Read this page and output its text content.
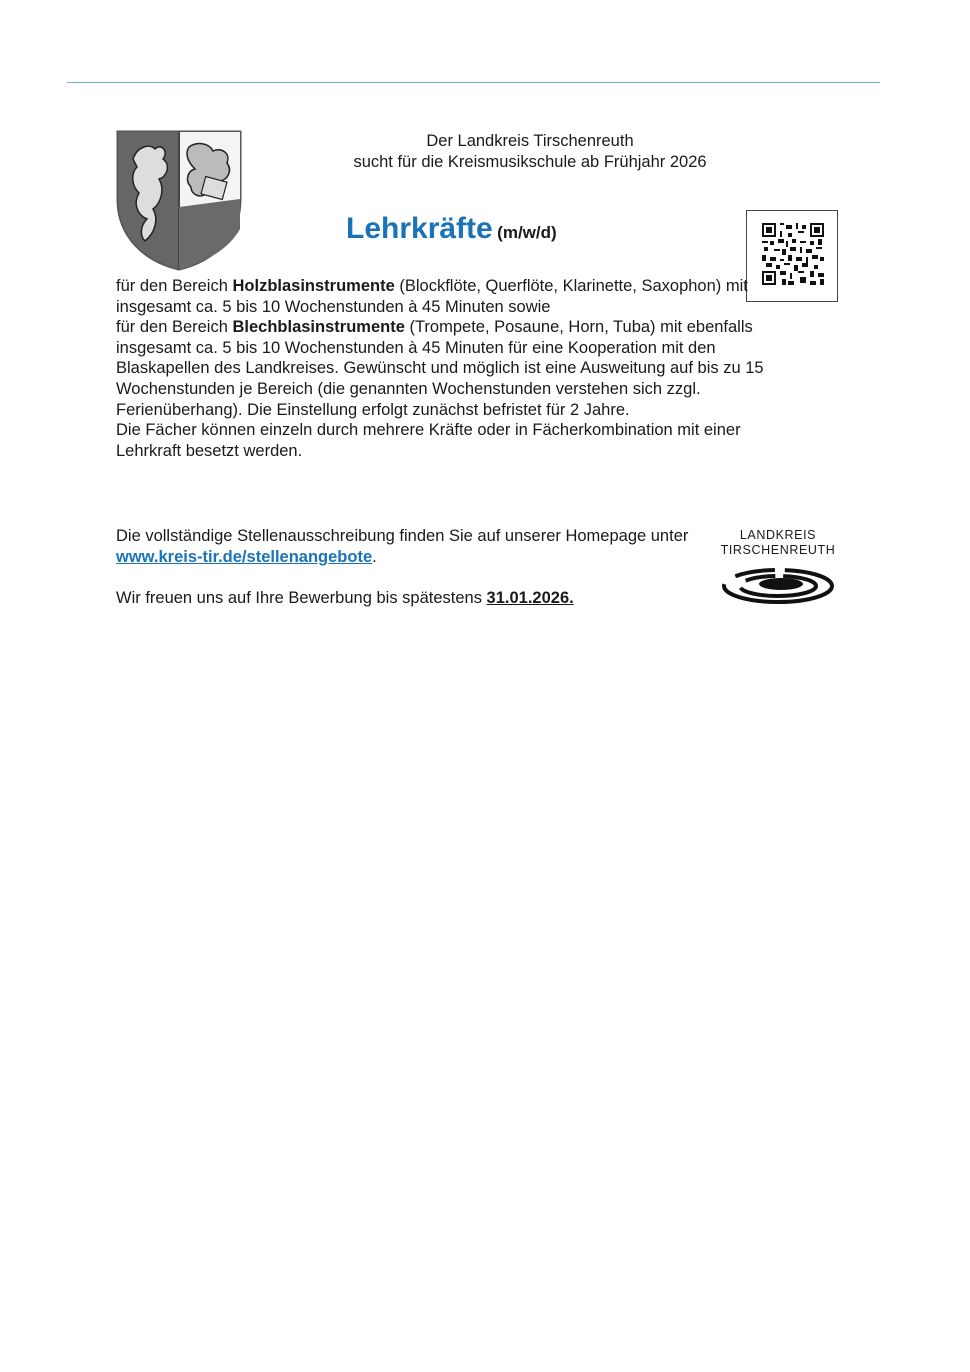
Der Landkreis Tirschenreuth
sucht für die Kreismusikschule ab Frühjahr 2026
Lehrkräfte (m/w/d)

für den Bereich Holzblasinstrumente (Blockflöte, Querflöte, Klarinette, Saxophon) mit insgesamt ca. 5 bis 10 Wochenstunden à 45 Minuten sowie

für den Bereich Blechblasinstrumente (Trompete, Posaune, Horn, Tuba) mit ebenfalls insgesamt ca. 5 bis 10 Wochenstunden à 45 Minuten für eine Kooperation mit den Blaskapellen des Landkreises. Gewünscht und möglich ist eine Ausweitung auf bis zu 15 Wochenstunden je Bereich (die genannten Wochenstunden verstehen sich zzgl. Ferienüberhang). Die Einstellung erfolgt zunächst befristet für 2 Jahre.

Die Fächer können einzeln durch mehrere Kräfte oder in Fächerkombination mit einer Lehrkraft besetzt werden.

Die vollständige Stellenausschreibung finden Sie auf unserer Homepage unter www.kreis-tir.de/stellenangebote.

Wir freuen uns auf Ihre Bewerbung bis spätestens 31.01.2026.

LANDKREIS
TIRSCHENREUTH
